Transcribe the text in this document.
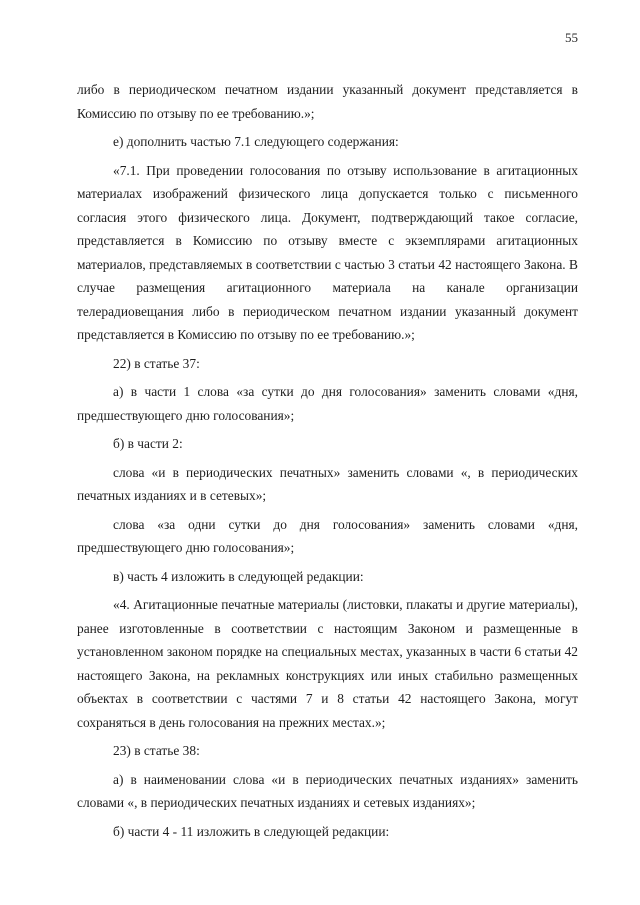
55

либо в периодическом печатном издании указанный документ представляется в Комиссию по отзыву по ее требованию.»;

е) дополнить частью 7.1 следующего содержания:

«7.1. При проведении голосования по отзыву использование в агитационных материалах изображений физического лица допускается только с письменного согласия этого физического лица. Документ, подтверждающий такое согласие, представляется в Комиссию по отзыву вместе с экземплярами агитационных материалов, представляемых в соответствии с частью 3 статьи 42 настоящего Закона. В случае размещения агитационного материала на канале организации телерадиовещания либо в периодическом печатном издании указанный документ представляется в Комиссию по отзыву по ее требованию.»;

22) в статье 37:

а) в части 1 слова «за сутки до дня голосования» заменить словами «дня, предшествующего дню голосования»;

б) в части 2:

слова «и в периодических печатных» заменить словами «, в периодических печатных изданиях и в сетевых»;

слова «за одни сутки до дня голосования» заменить словами «дня, предшествующего дню голосования»;

в) часть 4 изложить в следующей редакции:

«4. Агитационные печатные материалы (листовки, плакаты и другие материалы), ранее изготовленные в соответствии с настоящим Законом и размещенные в установленном законом порядке на специальных местах, указанных в части 6 статьи 42 настоящего Закона, на рекламных конструкциях или иных стабильно размещенных объектах в соответствии с частями 7 и 8 статьи 42 настоящего Закона, могут сохраняться в день голосования на прежних местах.»;

23) в статье 38:

а) в наименовании слова «и в периодических печатных изданиях» заменить словами «, в периодических печатных изданиях и сетевых изданиях»;

б) части 4 - 11 изложить в следующей редакции:
